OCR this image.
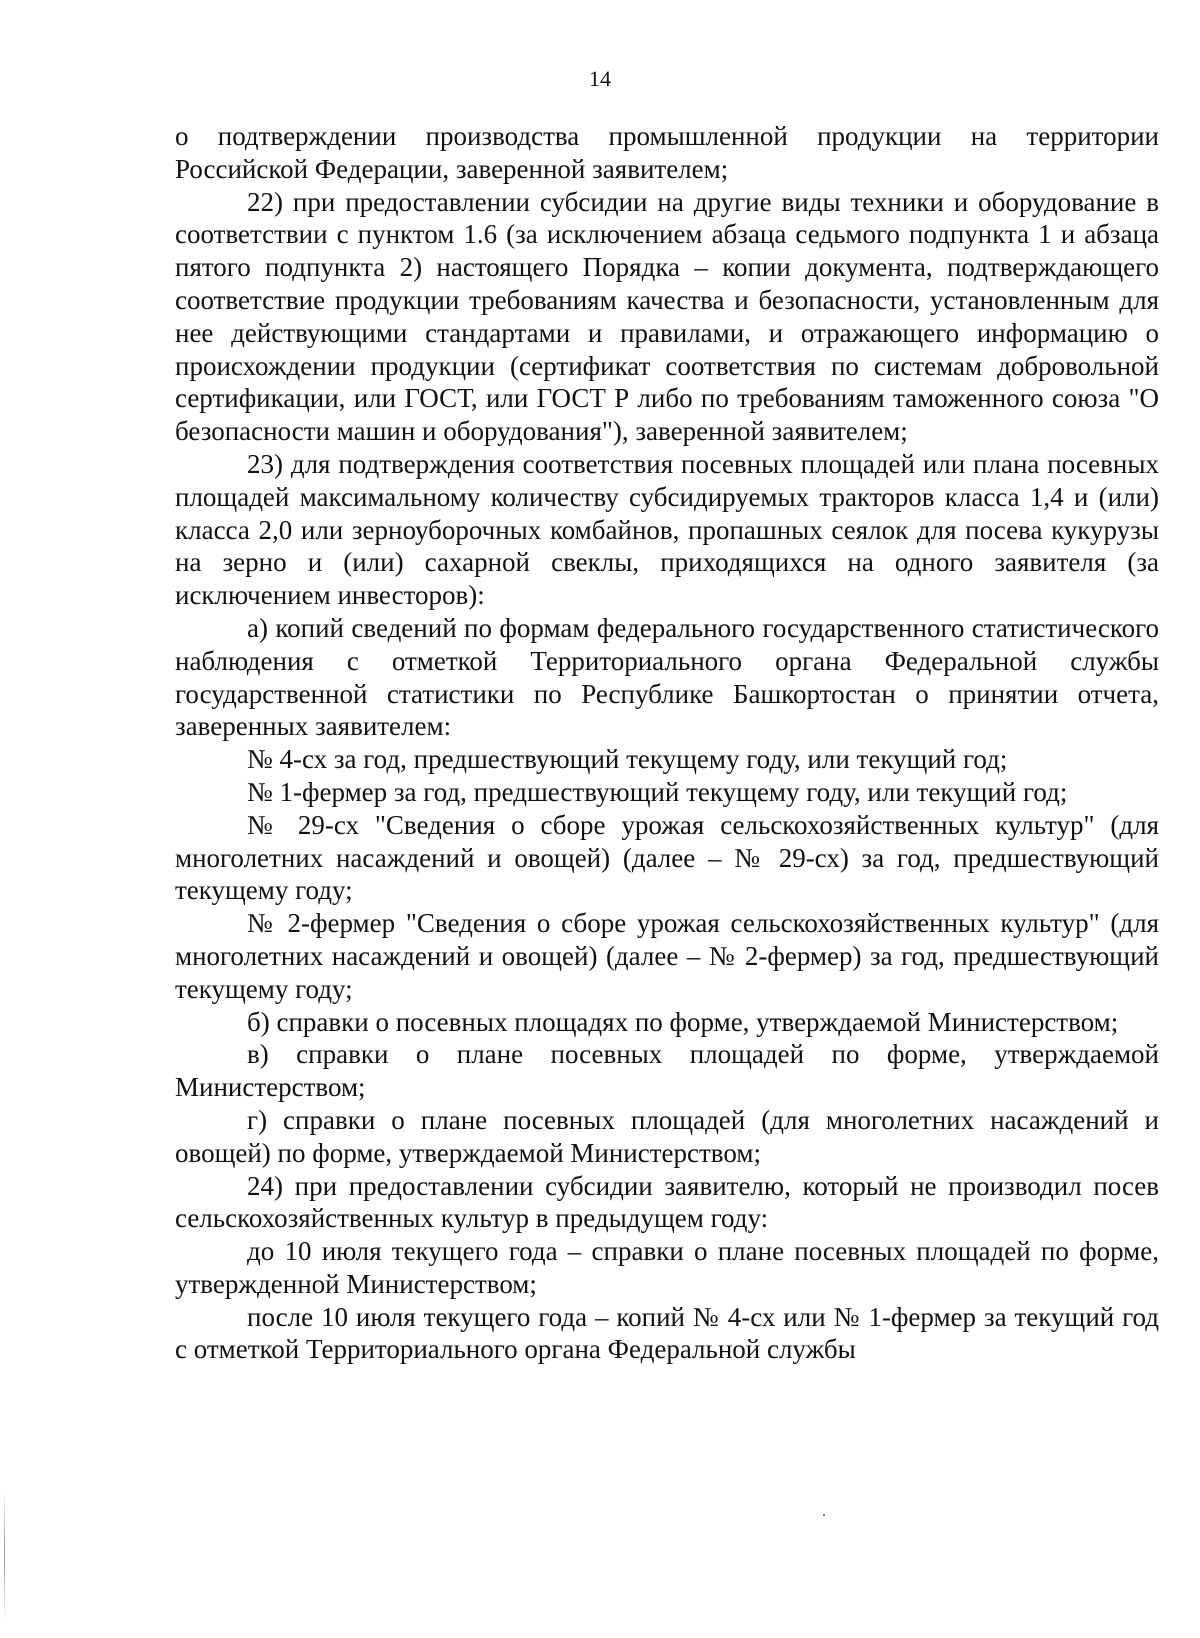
14

о подтверждении производства промышленной продукции на территории Российской Федерации, заверенной заявителем;

22) при предоставлении субсидии на другие виды техники и оборудование в соответствии с пунктом 1.6 (за исключением абзаца седьмого подпункта 1 и абзаца пятого подпункта 2) настоящего Порядка – копии документа, подтверждающего соответствие продукции требованиям качества и безопасности, установленным для нее действующими стандартами и правилами, и отражающего информацию о происхождении продукции (сертификат соответствия по системам добровольной сертификации, или ГОСТ, или ГОСТ Р либо по требованиям таможенного союза "О безопасности машин и оборудования"), заверенной заявителем;

23) для подтверждения соответствия посевных площадей или плана посевных площадей максимальному количеству субсидируемых тракторов класса 1,4 и (или) класса 2,0 или зерноуборочных комбайнов, пропашных сеялок для посева кукурузы на зерно и (или) сахарной свеклы, приходящихся на одного заявителя (за исключением инвесторов):

а) копий сведений по формам федерального государственного статистического наблюдения с отметкой Территориального органа Федеральной службы государственной статистики по Республике Башкортостан о принятии отчета, заверенных заявителем:

№ 4-сх за год, предшествующий текущему году, или текущий год;

№ 1-фермер за год, предшествующий текущему году, или текущий год;

№ 29-сх "Сведения о сборе урожая сельскохозяйственных культур" (для многолетних насаждений и овощей) (далее – № 29-сх) за год, предшествующий текущему году;

№ 2-фермер "Сведения о сборе урожая сельскохозяйственных культур" (для многолетних насаждений и овощей) (далее – № 2-фермер) за год, предшествующий текущему году;

б) справки о посевных площадях по форме, утверждаемой Министерством;

в) справки о плане посевных площадей по форме, утверждаемой Министерством;

г) справки о плане посевных площадей (для многолетних насаждений и овощей) по форме, утверждаемой Министерством;

24) при предоставлении субсидии заявителю, который не производил посев сельскохозяйственных культур в предыдущем году:

до 10 июля текущего года – справки о плане посевных площадей по форме, утвержденной Министерством;

после 10 июля текущего года – копий № 4-сх или № 1-фермер за текущий год с отметкой Территориального органа Федеральной службы
